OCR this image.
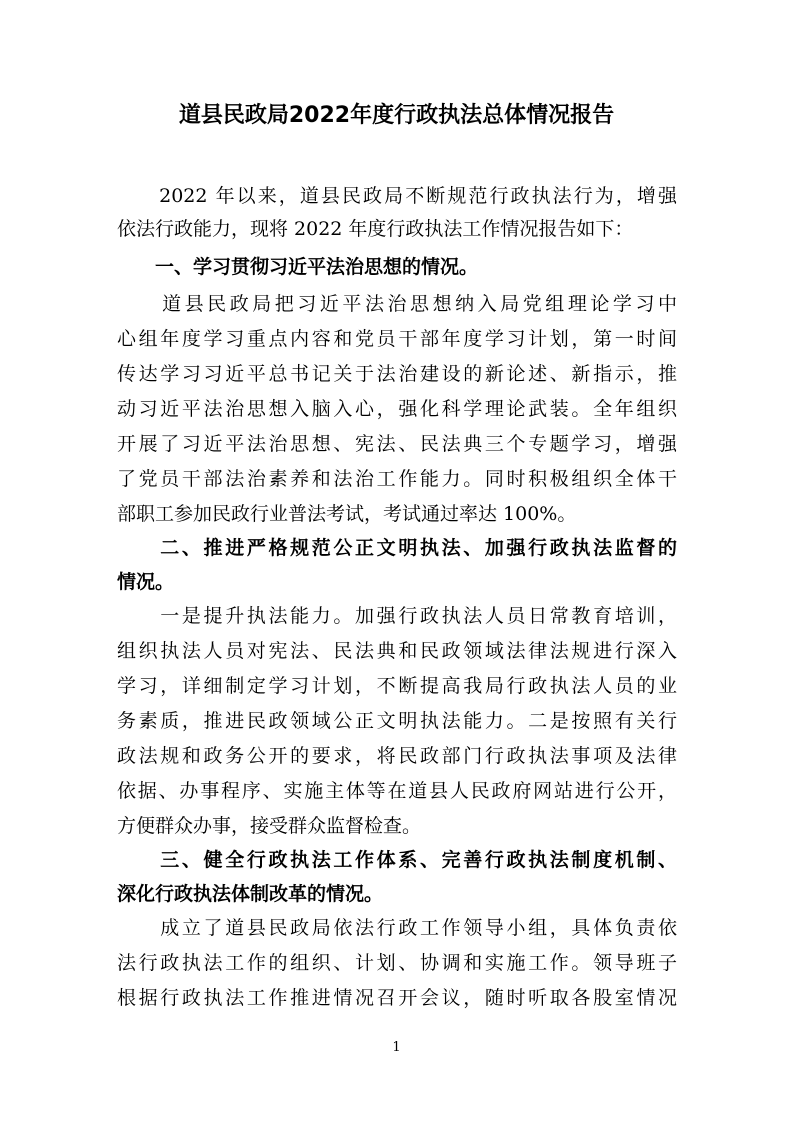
道县民政局2022年度行政执法总体情况报告
　　2022 年以来，道县民政局不断规范行政执法行为，增强
依法行政能力，现将 2022 年度行政执法工作情况报告如下：
　　一、学习贯彻习近平法治思想的情况。
　　道县民政局把习近平法治思想纳入局党组理论学习中
心组年度学习重点内容和党员干部年度学习计划，第一时间
传达学习习近平总书记关于法治建设的新论述、新指示，推
动习近平法治思想入脑入心，强化科学理论武装。全年组织
开展了习近平法治思想、宪法、民法典三个专题学习，增强
了党员干部法治素养和法治工作能力。同时积极组织全体干
部职工参加民政行业普法考试，考试通过率达 100%。
　　二、推进严格规范公正文明执法、加强行政执法监督的
情况。
　　一是提升执法能力。加强行政执法人员日常教育培训，
组织执法人员对宪法、民法典和民政领域法律法规进行深入
学习，详细制定学习计划，不断提高我局行政执法人员的业
务素质，推进民政领域公正文明执法能力。二是按照有关行
政法规和政务公开的要求，将民政部门行政执法事项及法律
依据、办事程序、实施主体等在道县人民政府网站进行公开，
方便群众办事，接受群众监督检查。
　　三、健全行政执法工作体系、完善行政执法制度机制、
深化行政执法体制改革的情况。
　　成立了道县民政局依法行政工作领导小组，具体负责依
法行政执法工作的组织、计划、协调和实施工作。领导班子
根据行政执法工作推进情况召开会议，随时听取各股室情况
1
